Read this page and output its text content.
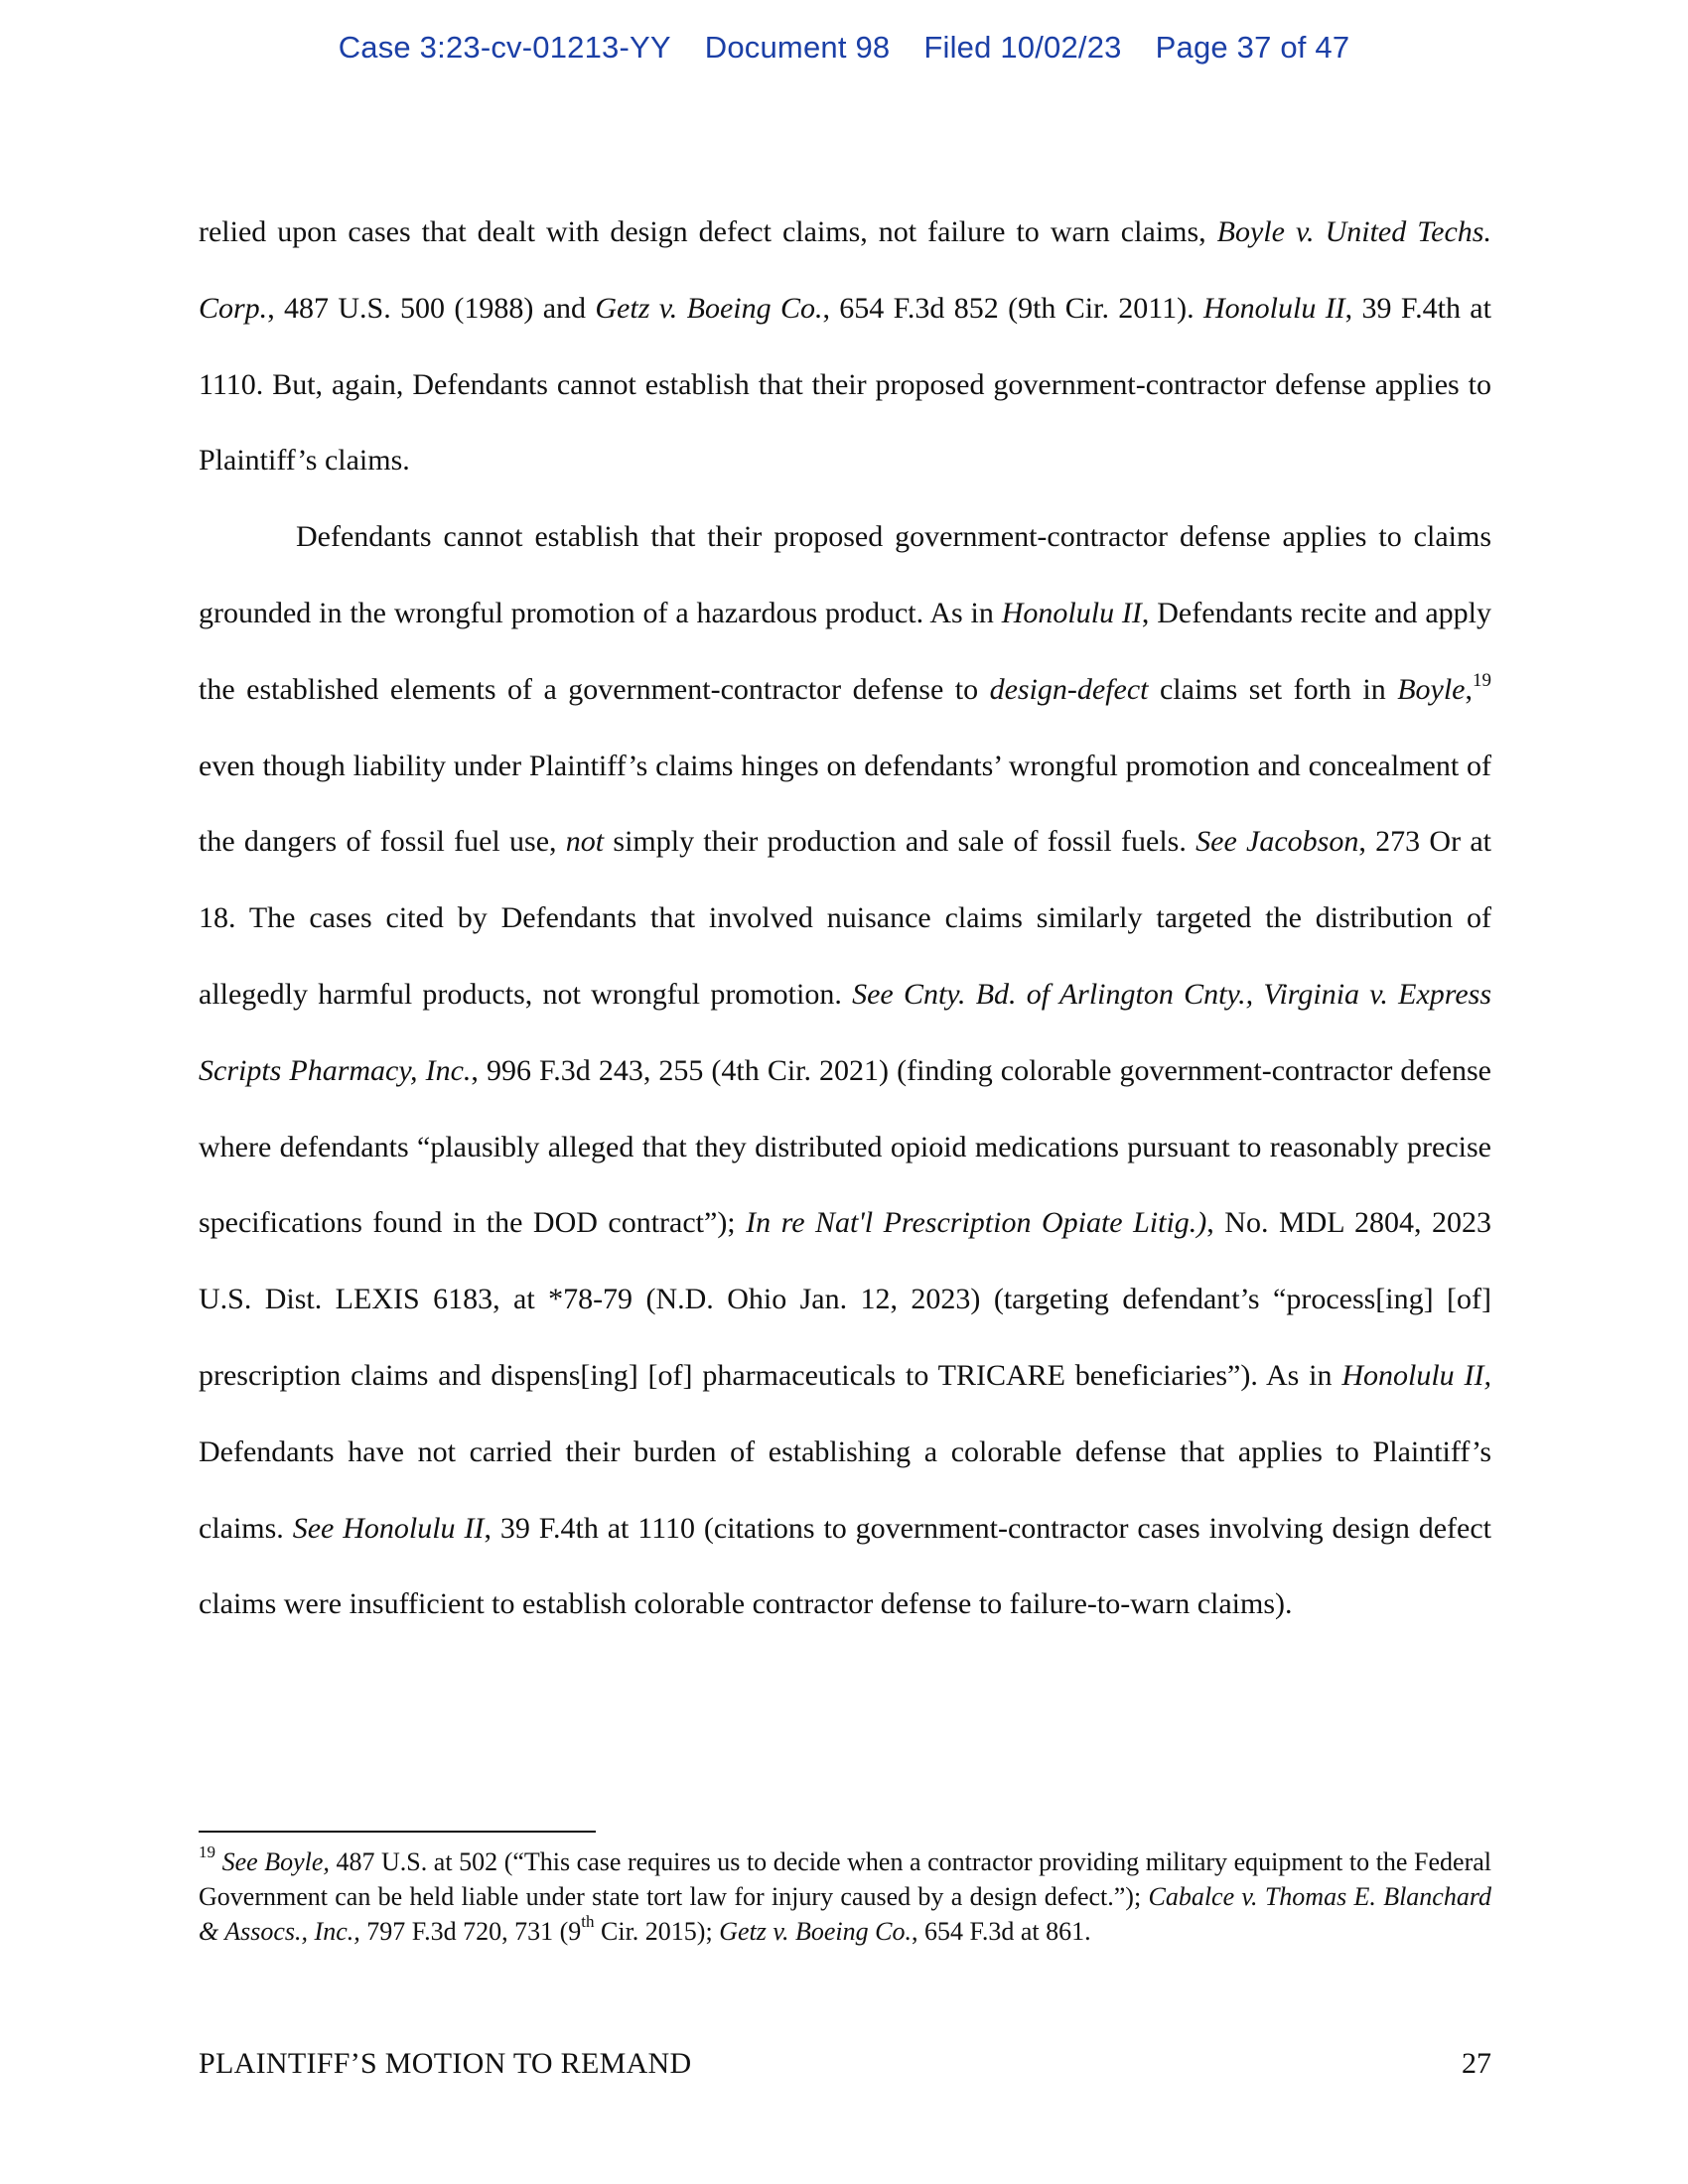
Case 3:23-cv-01213-YY Document 98 Filed 10/02/23 Page 37 of 47

relied upon cases that dealt with design defect claims, not failure to warn claims, Boyle v. United Techs. Corp., 487 U.S. 500 (1988) and Getz v. Boeing Co., 654 F.3d 852 (9th Cir. 2011). Honolulu II, 39 F.4th at 1110. But, again, Defendants cannot establish that their proposed government-contractor defense applies to Plaintiff’s claims.

Defendants cannot establish that their proposed government-contractor defense applies to claims grounded in the wrongful promotion of a hazardous product. As in Honolulu II, Defendants recite and apply the established elements of a government-contractor defense to design-defect claims set forth in Boyle,$^{19}$ even though liability under Plaintiff’s claims hinges on defendants’ wrongful promotion and concealment of the dangers of fossil fuel use, not simply their production and sale of fossil fuels. See Jacobson, 273 Or at 18. The cases cited by Defendants that involved nuisance claims similarly targeted the distribution of allegedly harmful products, not wrongful promotion. See Cnty. Bd. of Arlington Cnty., Virginia v. Express Scripts Pharmacy, Inc., 996 F.3d 243, 255 (4th Cir. 2021) (finding colorable government-contractor defense where defendants “plausibly alleged that they distributed opioid medications pursuant to reasonably precise specifications found in the DOD contract”); In re Nat'l Prescription Opiate Litig.), No. MDL 2804, 2023 U.S. Dist. LEXIS 6183, at *78-79 (N.D. Ohio Jan. 12, 2023) (targeting defendant’s “process[ing] [of] prescription claims and dispens[ing] [of] pharmaceuticals to TRICARE beneficiaries”). As in Honolulu II, Defendants have not carried their burden of establishing a colorable defense that applies to Plaintiff’s claims. See Honolulu II, 39 F.4th at 1110 (citations to government-contractor cases involving design defect claims were insufficient to establish colorable contractor defense to failure-to-warn claims).

$^{19}$ See Boyle, 487 U.S. at 502 (“This case requires us to decide when a contractor providing military equipment to the Federal Government can be held liable under state tort law for injury caused by a design defect.”); Cabalce v. Thomas E. Blanchard & Assocs., Inc., 797 F.3d 720, 731 (9th Cir. 2015); Getz v. Boeing Co., 654 F.3d at 861.

PLAINTIFF’S MOTION TO REMAND	27
